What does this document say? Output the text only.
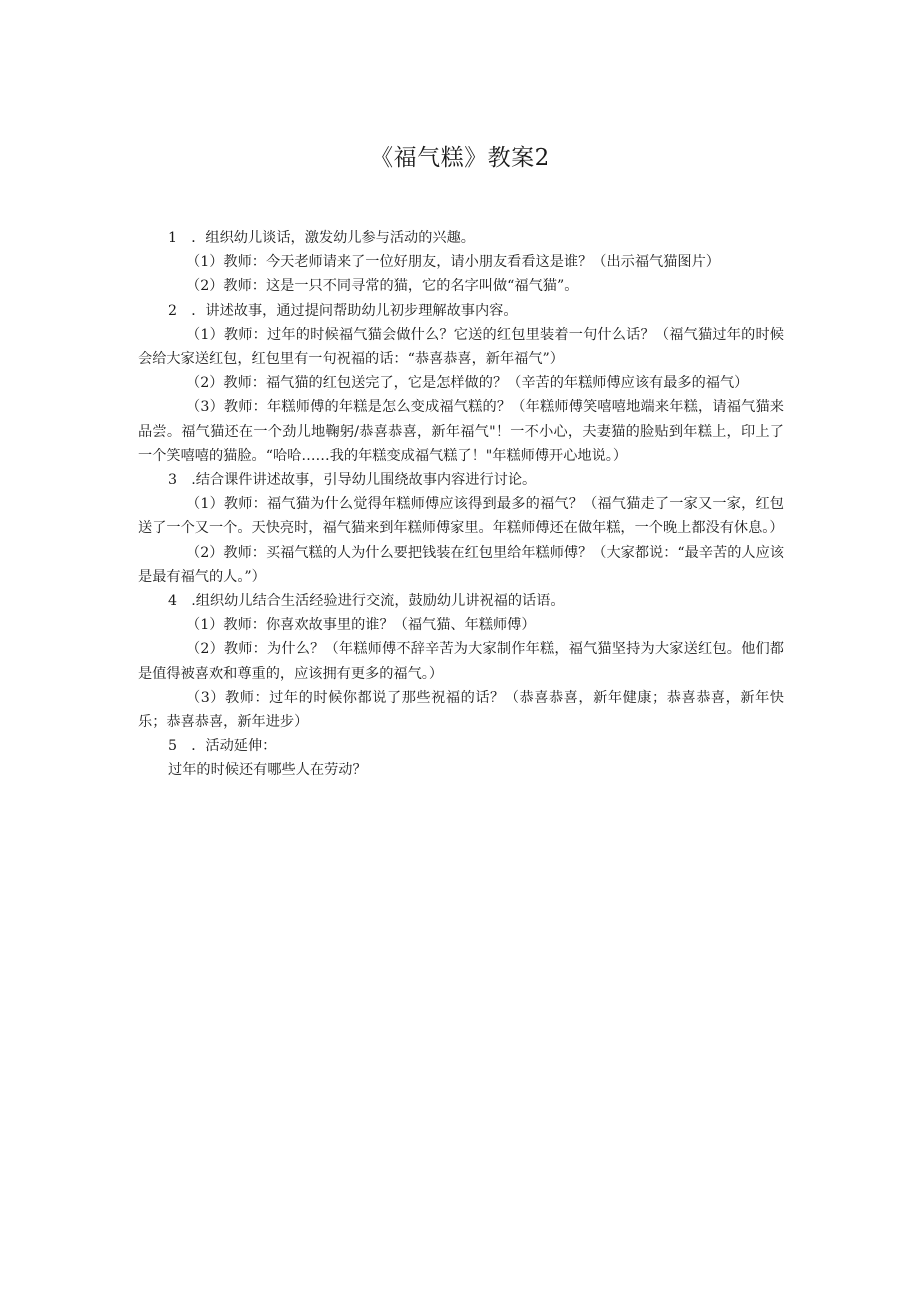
《福气糕》教案2

1　．组织幼儿谈话，激发幼儿参与活动的兴趣。

（1）教师：今天老师请来了一位好朋友，请小朋友看看这是谁？（出示福气猫图片）

（2）教师：这是一只不同寻常的猫，它的名字叫做“福气猫”。

2　．讲述故事，通过提问帮助幼儿初步理解故事内容。

（1）教师：过年的时候福气猫会做什么？它送的红包里装着一句什么话？（福气猫过年的时候会给大家送红包，红包里有一句祝福的话：“恭喜恭喜，新年福气”）

（2）教师：福气猫的红包送完了，它是怎样做的？（辛苦的年糕师傅应该有最多的福气）

（3）教师：年糕师傅的年糕是怎么变成福气糕的？（年糕师傅笑嘻嘻地端来年糕，请福气猫来品尝。福气猫还在一个劲儿地鞠躬/恭喜恭喜，新年福气"！一不小心，夫妻猫的脸贴到年糕上，印上了一个笑嘻嘻的猫脸。“哈哈……我的年糕变成福气糕了！"年糕师傅开心地说。）

3　.结合课件讲述故事，引导幼儿围绕故事内容进行讨论。

（1）教师：福气猫为什么觉得年糕师傅应该得到最多的福气？（福气猫走了一家又一家，红包送了一个又一个。天快亮时，福气猫来到年糕师傅家里。年糕师傅还在做年糕，一个晚上都没有休息。）

（2）教师：买福气糕的人为什么要把钱装在红包里给年糕师傅？（大家都说：“最辛苦的人应该是最有福气的人。”）

4　.组织幼儿结合生活经验进行交流，鼓励幼儿讲祝福的话语。

（1）教师：你喜欢故事里的谁？（福气猫、年糕师傅）

（2）教师：为什么？（年糕师傅不辞辛苦为大家制作年糕，福气猫坚持为大家送红包。他们都是值得被喜欢和尊重的，应该拥有更多的福气。）

（3）教师：过年的时候你都说了那些祝福的话？（恭喜恭喜，新年健康；恭喜恭喜，新年快乐；恭喜恭喜，新年进步）

5　．活动延伸：

过年的时候还有哪些人在劳动？
